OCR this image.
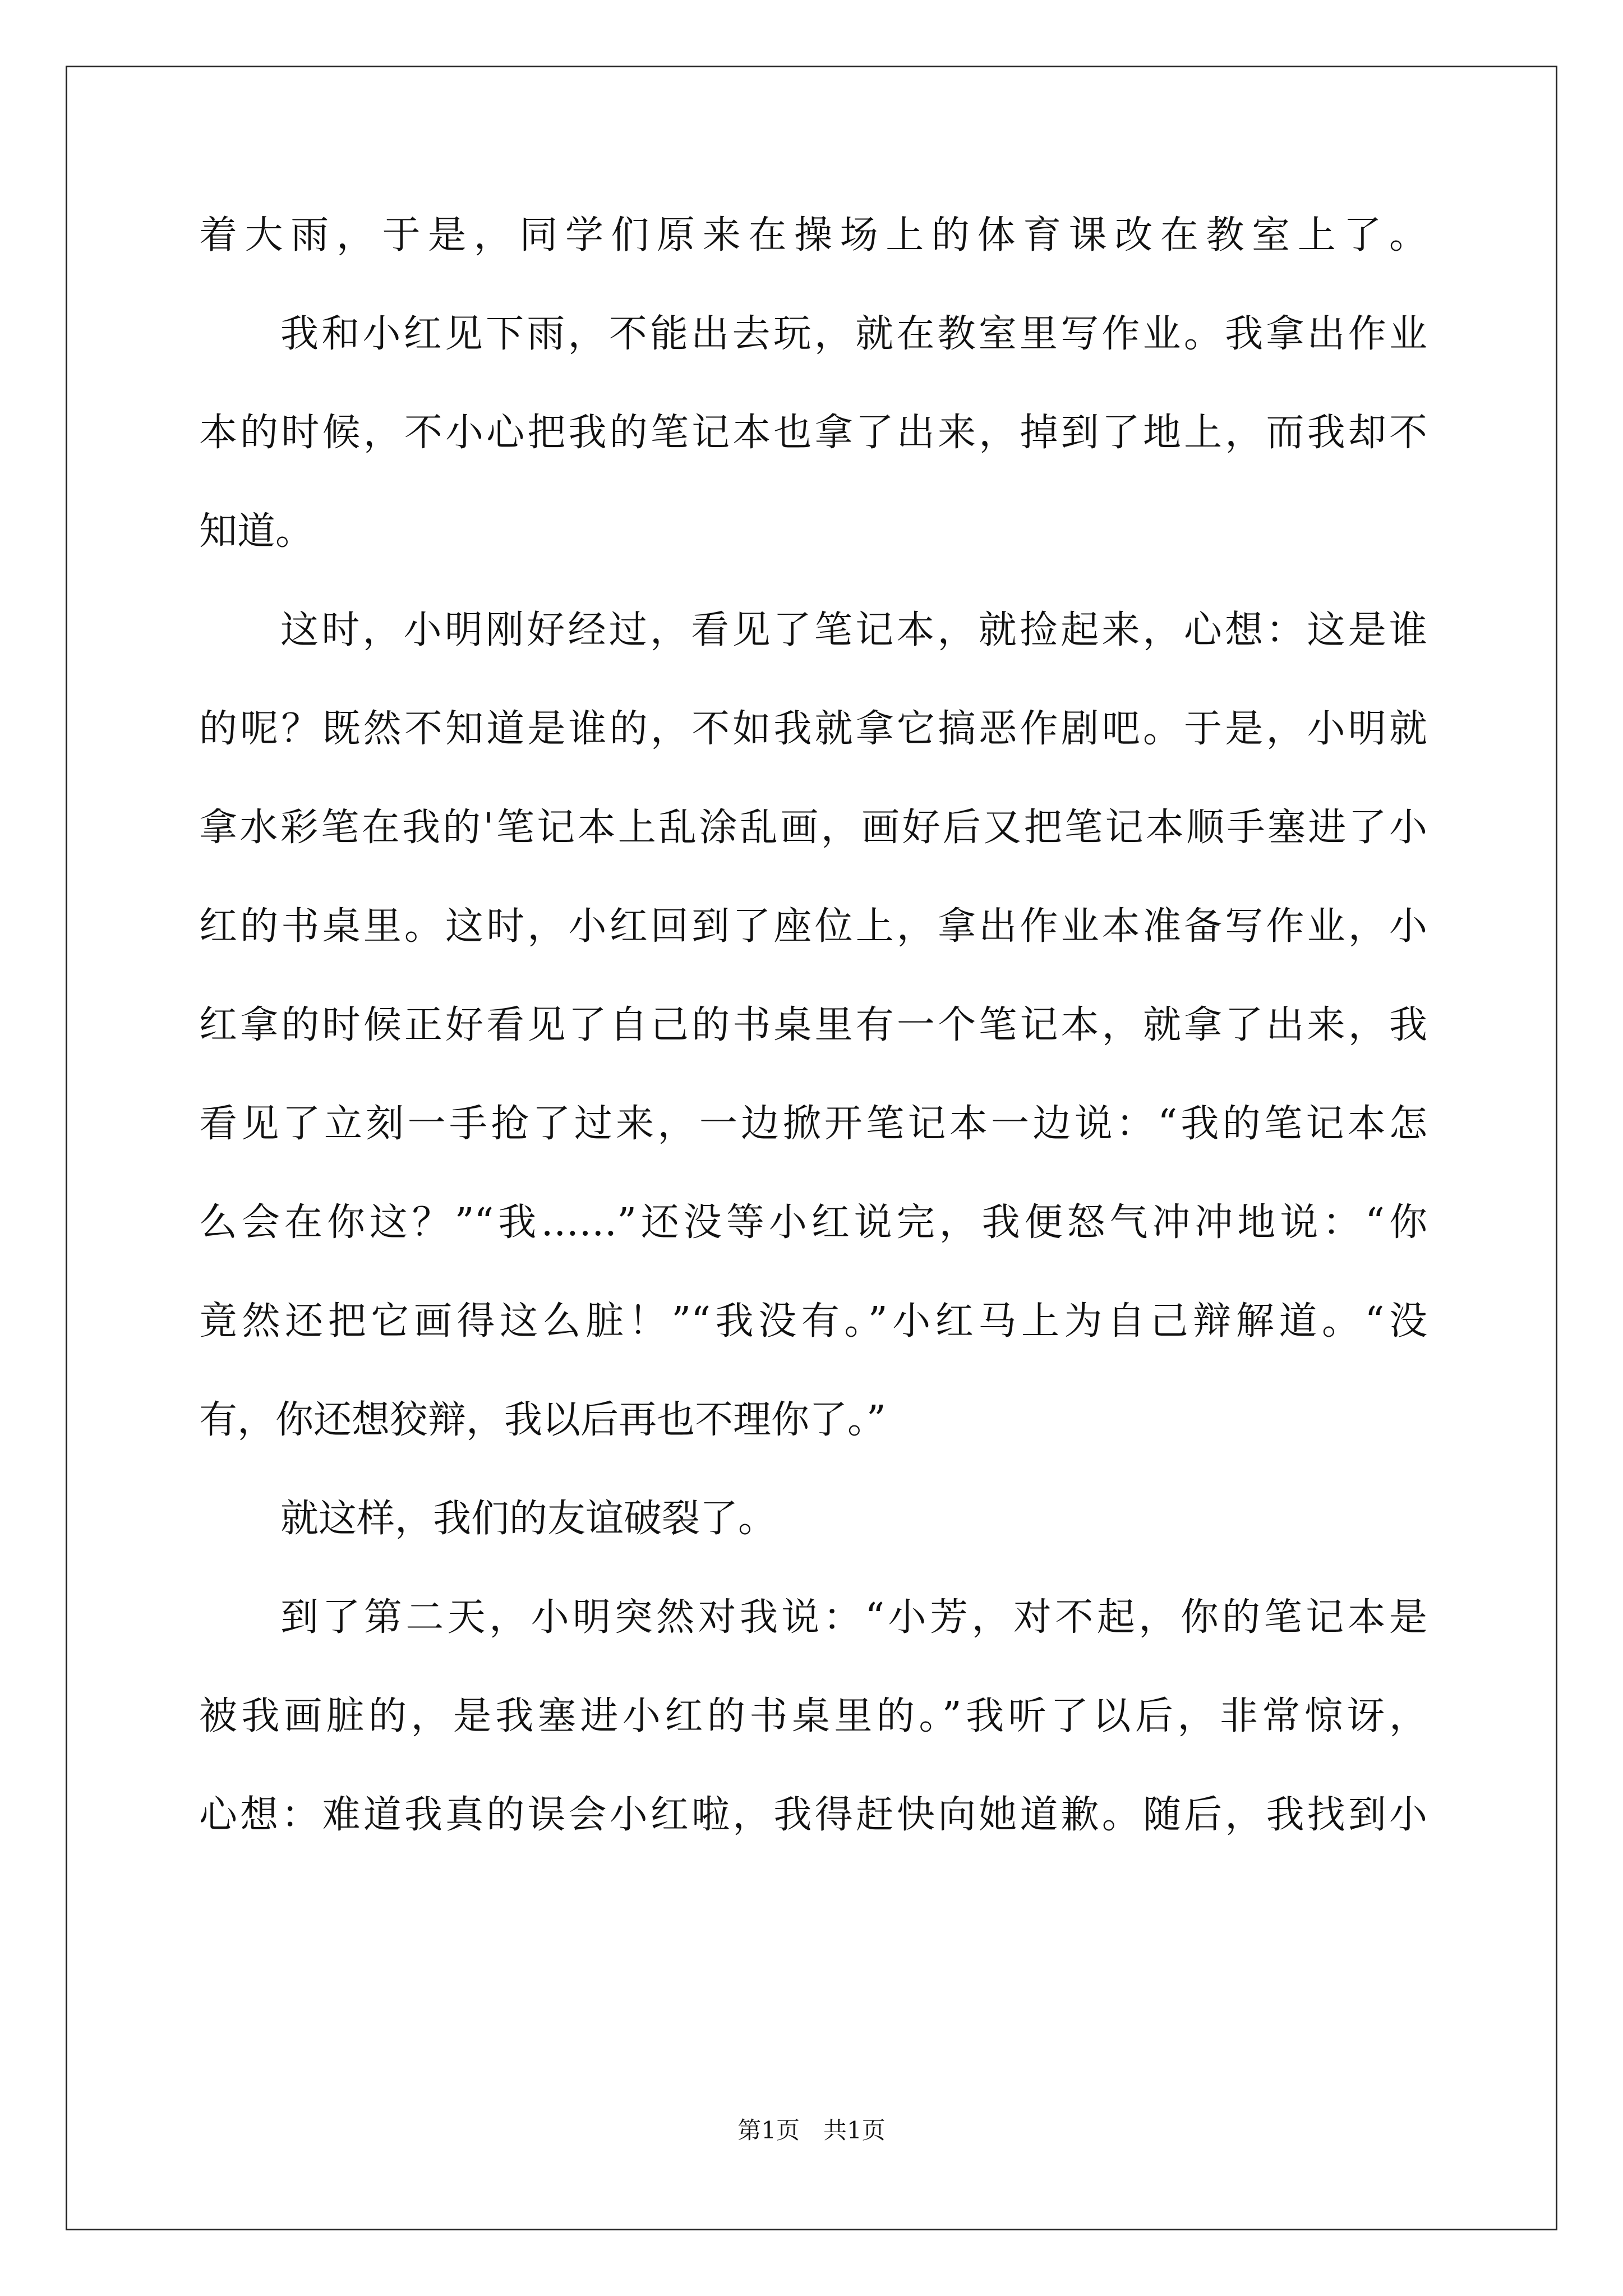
着大雨，于是，同学们原来在操场上的体育课改在教室上了。
我和小红见下雨，不能出去玩，就在教室里写作业。我拿出作业
本的时候，不小心把我的笔记本也拿了出来，掉到了地上，而我却不
知道。
这时，小明刚好经过，看见了笔记本，就捡起来，心想：这是谁
的呢？既然不知道是谁的，不如我就拿它搞恶作剧吧。于是，小明就
拿水彩笔在我的'笔记本上乱涂乱画，画好后又把笔记本顺手塞进了小
红的书桌里。这时，小红回到了座位上，拿出作业本准备写作业，小
红拿的时候正好看见了自己的书桌里有一个笔记本，就拿了出来，我
看见了立刻一手抢了过来，一边掀开笔记本一边说：“我的笔记本怎
么会在你这？”“我……”还没等小红说完，我便怒气冲冲地说：“你
竟然还把它画得这么脏！”“我没有。”小红马上为自己辩解道。“没
有，你还想狡辩，我以后再也不理你了。”
就这样，我们的友谊破裂了。
到了第二天，小明突然对我说：“小芳，对不起，你的笔记本是
被我画脏的，是我塞进小红的书桌里的。”我听了以后，非常惊讶，
心想：难道我真的误会小红啦，我得赶快向她道歉。随后，我找到小
第1页　共1页
